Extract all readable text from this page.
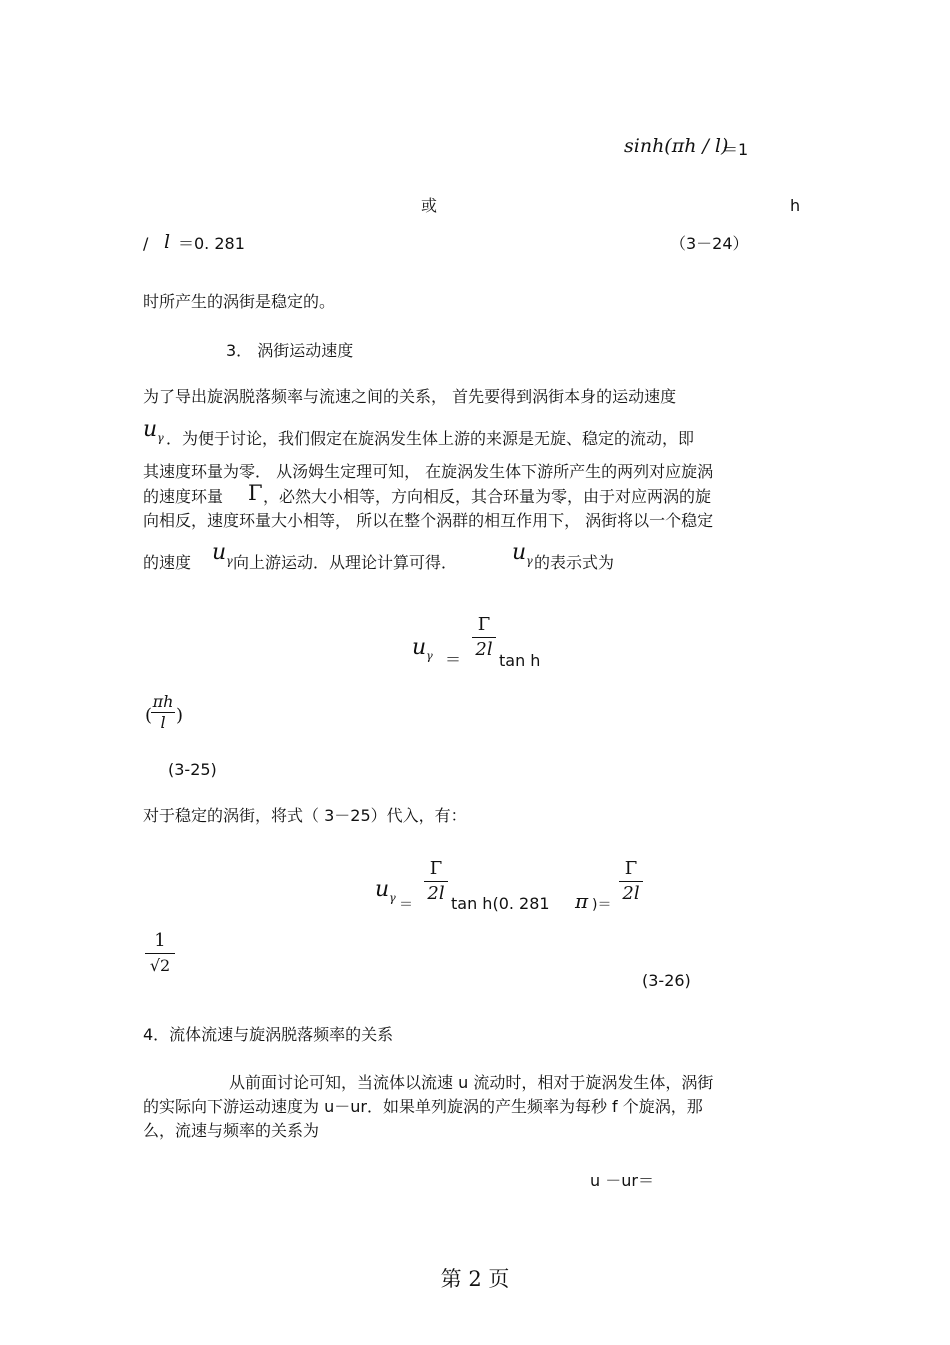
sinh(πh / l)
＝1
或	h
/ l ＝0. 281	（3－24）
时所产生的涡街是稳定的。
3． 涡街运动速度
为了导出旋涡脱落频率与流速之间的关系， 首先要得到涡街本身的运动速度
$u_\gamma$ ．为便于讨论，我们假定在旋涡发生体上游的来源是无旋、稳定的流动，即
其速度环量为零． 从汤姆生定理可知， 在旋涡发生体下游所产生的两列对应旋涡
的速度环量 Γ ，必然大小相等，方向相反，其合环量为零，由于对应两涡的旋
向相反，速度环量大小相等， 所以在整个涡群的相互作用下， 涡街将以一个稳定
的速度 $u_\gamma$ 向上游运动．从理论计算可得． $u_\gamma$ 的表示式为
$u_\gamma$ ＝
Γ
2l
tan h
(
πh
l )
(3-25)
对于稳定的涡街，将式（ 3－25）代入，有：
$u_\gamma$ ＝
Γ
2l tan h(0. 281 π )＝
Γ
2l
1
√2
(3-26)
4．流体流速与旋涡脱落频率的关系
从前面讨论可知，当流体以流速 u 流动时，相对于旋涡发生体，涡街
的实际向下游运动速度为 u－ur．如果单列旋涡的产生频率为每秒 f 个旋涡，那
么，流速与频率的关系为
u －ur＝
第 2 页
